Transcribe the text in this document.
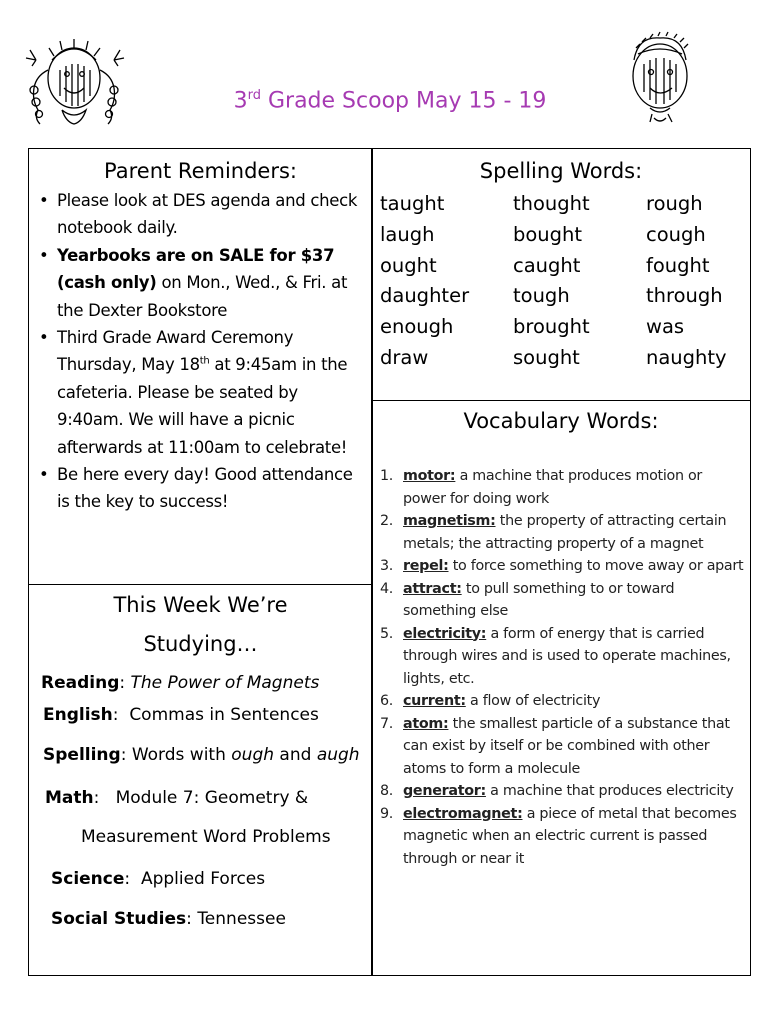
3rd Grade Scoop May 15 - 19
Parent Reminders:
• Please look at DES agenda and check notebook daily.
• Yearbooks are on SALE for $37 (cash only) on Mon., Wed., & Fri. at the Dexter Bookstore
• Third Grade Award Ceremony Thursday, May 18th at 9:45am in the cafeteria. Please be seated by 9:40am. We will have a picnic afterwards at 11:00am to celebrate!
• Be here every day! Good attendance is the key to success!
Spelling Words:
taught	thought	rough
laugh	bought	cough
ought	caught	fought
daughter	tough	through
enough	brought	was
draw	sought	naughty
Vocabulary Words:
1. motor: a machine that produces motion or power for doing work
2. magnetism: the property of attracting certain metals; the attracting property of a magnet
3. repel: to force something to move away or apart
4. attract: to pull something to or toward something else
5. electricity: a form of energy that is carried through wires and is used to operate machines, lights, etc.
6. current: a flow of electricity
7. atom: the smallest particle of a substance that can exist by itself or be combined with other atoms to form a molecule
8. generator: a machine that produces electricity
9. electromagnet: a piece of metal that becomes magnetic when an electric current is passed through or near it
This Week We’re
Studying…
Reading: The Power of Magnets
English: Commas in Sentences
Spelling: Words with ough and augh
Math: Module 7: Geometry &
Measurement Word Problems
Science: Applied Forces
Social Studies: Tennessee
